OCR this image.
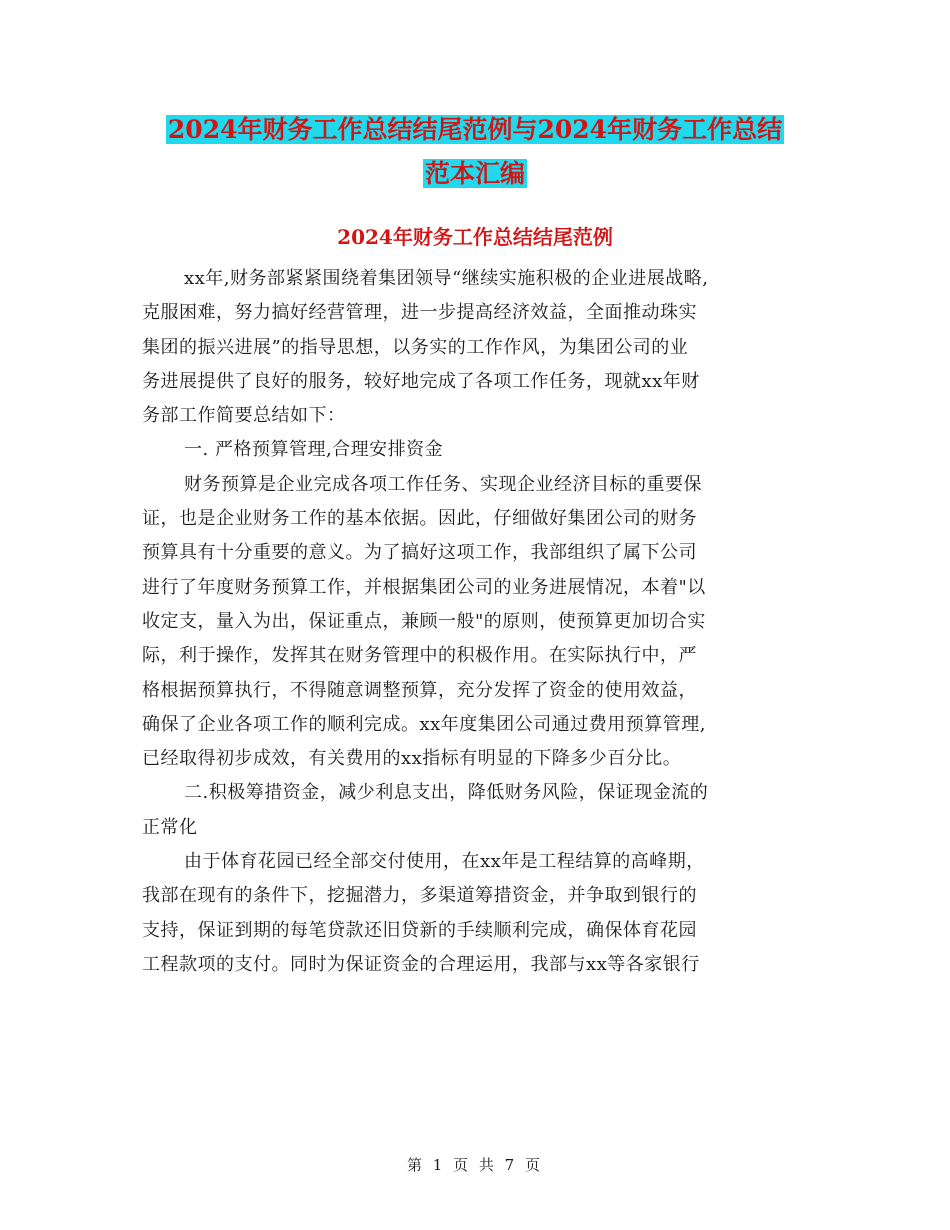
2024年财务工作总结结尾范例与2024年财务工作总结
范本汇编
2024年财务工作总结结尾范例
xx年,财务部紧紧围绕着集团领导“继续实施积极的企业进展战略,
克服困难，努力搞好经营管理，进一步提高经济效益，全面推动珠实
集团的振兴进展”的指导思想，以务实的工作作风，为集团公司的业
务进展提供了良好的服务，较好地完成了各项工作任务，现就xx年财
务部工作简要总结如下：
一. 严格预算管理,合理安排资金
财务预算是企业完成各项工作任务、实现企业经济目标的重要保
证，也是企业财务工作的基本依据。因此，仔细做好集团公司的财务
预算具有十分重要的意义。为了搞好这项工作，我部组织了属下公司
进行了年度财务预算工作，并根据集团公司的业务进展情况，本着"以
收定支，量入为出，保证重点，兼顾一般"的原则，使预算更加切合实
际，利于操作，发挥其在财务管理中的积极作用。在实际执行中，严
格根据预算执行，不得随意调整预算，充分发挥了资金的使用效益，
确保了企业各项工作的顺利完成。xx年度集团公司通过费用预算管理,
已经取得初步成效，有关费用的xx指标有明显的下降多少百分比。
二.积极筹措资金，减少利息支出，降低财务风险，保证现金流的
正常化
由于体育花园已经全部交付使用，在xx年是工程结算的高峰期，
我部在现有的条件下，挖掘潜力，多渠道筹措资金，并争取到银行的
支持，保证到期的每笔贷款还旧贷新的手续顺利完成，确保体育花园
工程款项的支付。同时为保证资金的合理运用，我部与xx等各家银行
第 1 页 共 7 页
